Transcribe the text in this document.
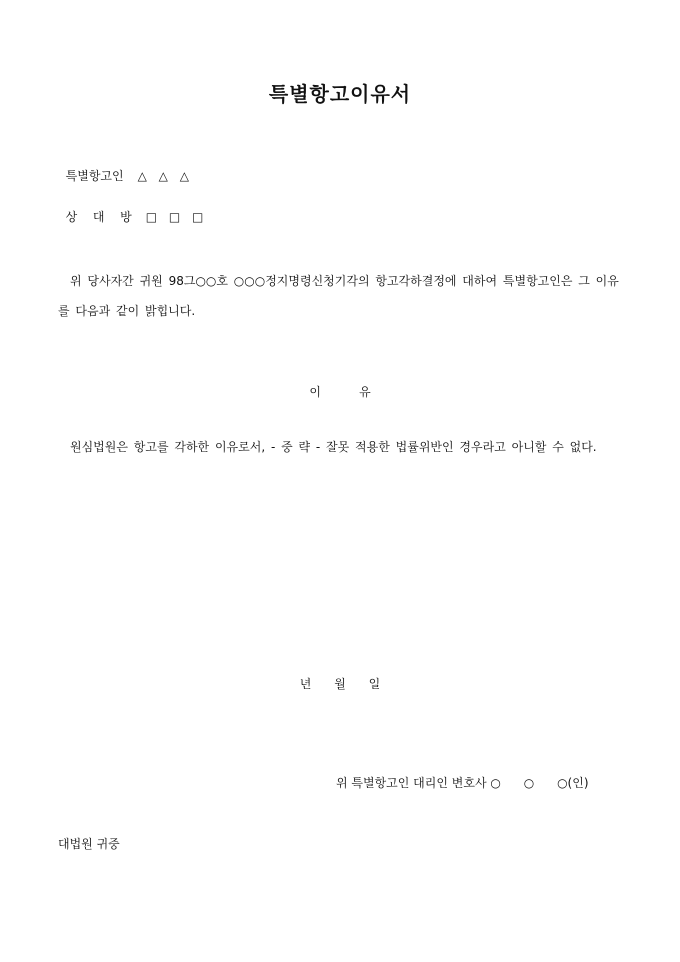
특별항고이유서

특별항고인 △ △ △

상  대  방 □ □ □

위 당사자간 귀원 98그○○호 ○○○정지명령신청기각의 항고각하결정에 대하여 특별항고인은 그 이유를 다음과 같이 밝힙니다.
이          유
원심법원은 항고를 각하한 이유로서, - 중 략 - 잘못 적용한 법률위반인 경우라고 아니할 수 없다.
년      월      일
위 특별항고인 대리인 변호사 ○      ○      ○(인)
대법원 귀중
